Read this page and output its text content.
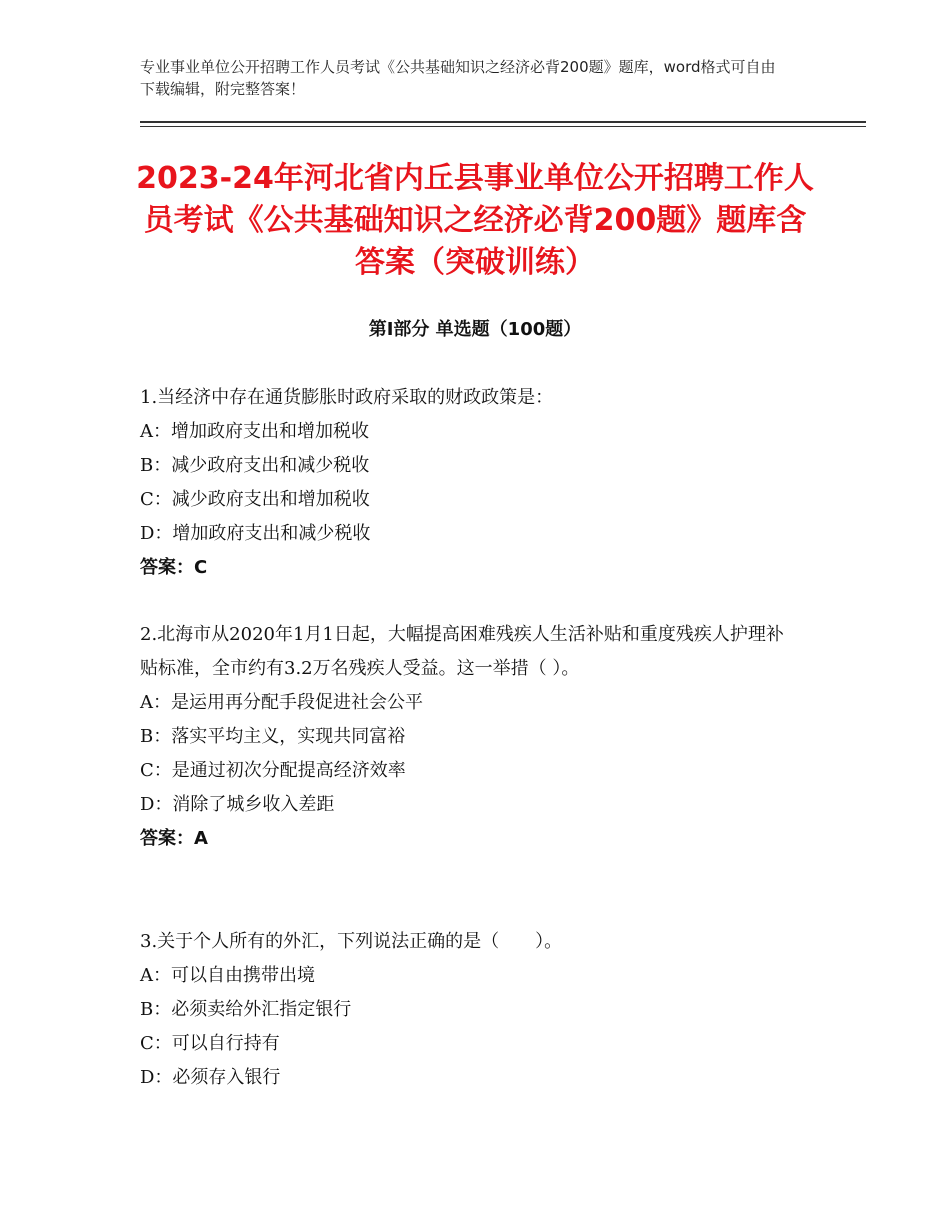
专业事业单位公开招聘工作人员考试《公共基础知识之经济必背200题》题库，word格式可自由下载编辑，附完整答案！
2023-24年河北省内丘县事业单位公开招聘工作人员考试《公共基础知识之经济必背200题》题库含答案（突破训练）
第Ⅰ部分 单选题（100题）
1.当经济中存在通货膨胀时政府采取的财政政策是：
A：增加政府支出和增加税收
B：减少政府支出和减少税收
C：减少政府支出和增加税收
D：增加政府支出和减少税收
答案：C
2.北海市从2020年1月1日起，大幅提高困难残疾人生活补贴和重度残疾人护理补贴标准，全市约有3.2万名残疾人受益。这一举措（ ）。
A：是运用再分配手段促进社会公平
B：落实平均主义，实现共同富裕
C：是通过初次分配提高经济效率
D：消除了城乡收入差距
答案：A
3.关于个人所有的外汇，下列说法正确的是（　　）。
A：可以自由携带出境
B：必须卖给外汇指定银行
C：可以自行持有
D：必须存入银行
